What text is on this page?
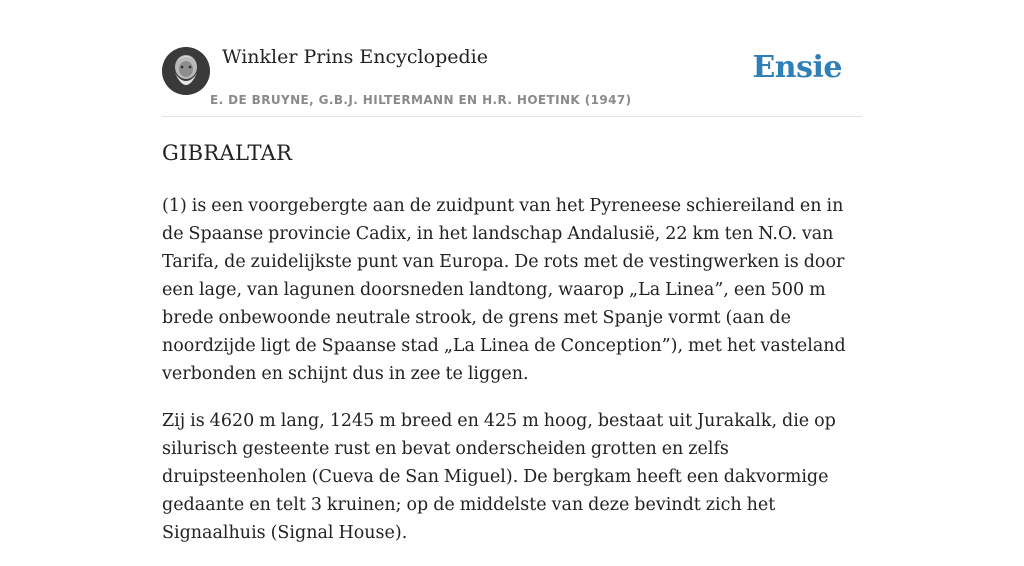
Winkler Prins Encyclopedie
E. DE BRUYNE, G.B.J. HILTERMANN EN H.R. HOETINK (1947)
Ensie
GIBRALTAR

(1) is een voorgebergte aan de zuidpunt van het Pyreneese schiereiland en in de Spaanse provincie Cadix, in het landschap Andalusië, 22 km ten N.O. van Tarifa, de zuidelijkste punt van Europa. De rots met de vestingwerken is door een lage, van lagunen doorsneden landtong, waarop „La Linea”, een 500 m brede onbewoonde neutrale strook, de grens met Spanje vormt (aan de noordzijde ligt de Spaanse stad „La Linea de Conception”), met het vasteland verbonden en schijnt dus in zee te liggen.

Zij is 4620 m lang, 1245 m breed en 425 m hoog, bestaat uit Jurakalk, die op silurisch gesteente rust en bevat onderscheiden grotten en zelfs druipsteenholen (Cueva de San Miguel). De bergkam heeft een dakvormige gedaante en telt 3 kruinen; op de middelste van deze bevindt zich het Signaalhuis (Signal House).
